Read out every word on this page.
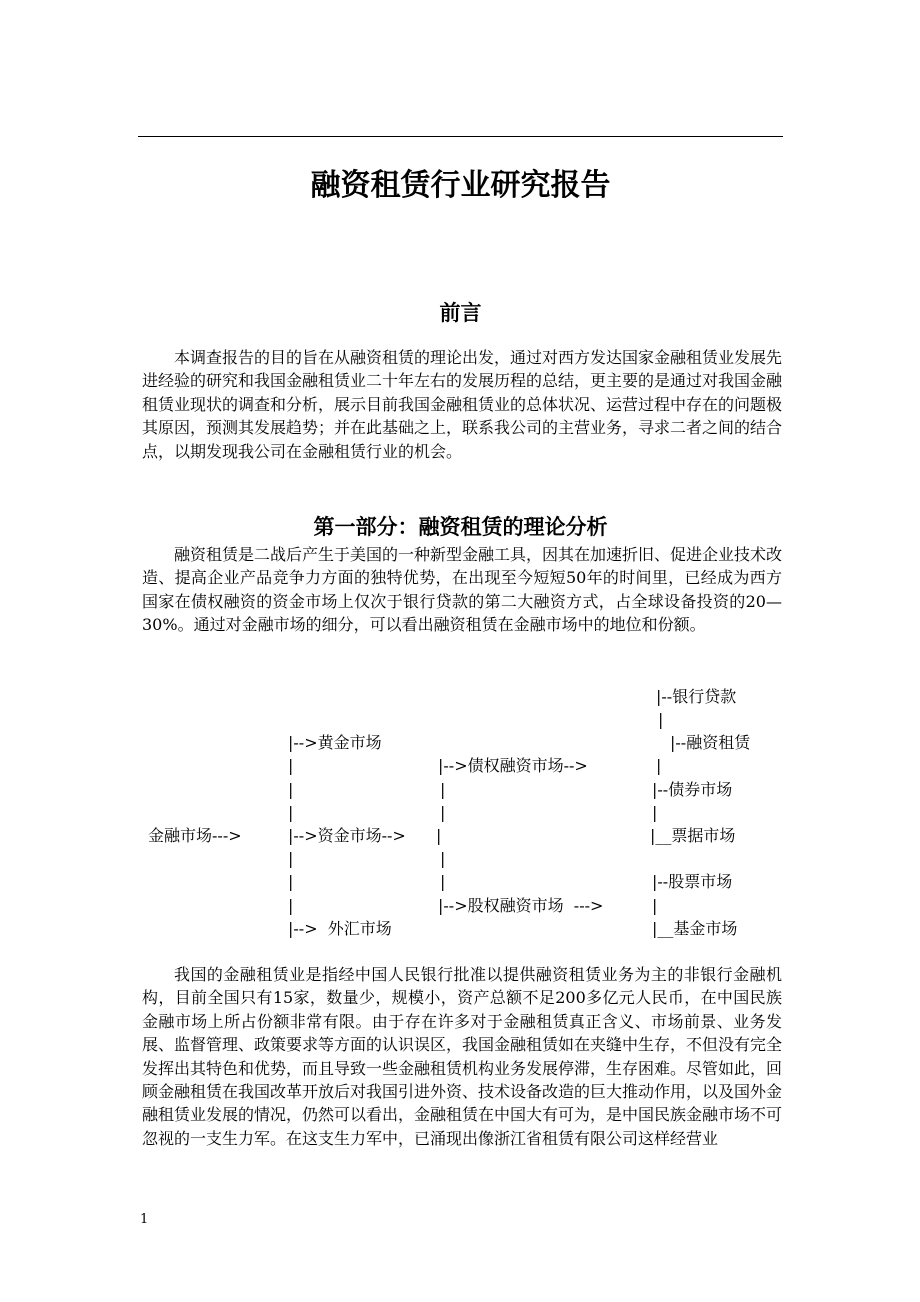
融资租赁行业研究报告
前言

本调查报告的目的旨在从融资租赁的理论出发，通过对西方发达国家金融租赁业发展先进经验的研究和我国金融租赁业二十年左右的发展历程的总结，更主要的是通过对我国金融租赁业现状的调查和分析，展示目前我国金融租赁业的总体状况、运营过程中存在的问题极其原因，预测其发展趋势；并在此基础之上，联系我公司的主营业务，寻求二者之间的结合点，以期发现我公司在金融租赁行业的机会。

第一部分：融资租赁的理论分析

融资租赁是二战后产生于美国的一种新型金融工具，因其在加速折旧、促进企业技术改造、提高企业产品竞争力方面的独特优势，在出现至今短短50年的时间里，已经成为西方国家在债权融资的资金市场上仅次于银行贷款的第二大融资方式，占全球设备投资的20—30%。通过对金融市场的细分，可以看出融资租赁在金融市场中的地位和份额。

金融市场--->
|-->黄金市场
|
|
|
|-->资金市场-->
|
|
|
|-->  外汇市场
|-->债权融资市场-->
|
|
|
|
|
|-->股权融资市场  --->
|--银行贷款
|
|--融资租赁
|
|--债券市场
|
|__票据市场
|--股票市场
|
|__基金市场

我国的金融租赁业是指经中国人民银行批准以提供融资租赁业务为主的非银行金融机构，目前全国只有15家，数量少，规模小，资产总额不足200多亿元人民币，在中国民族金融市场上所占份额非常有限。由于存在许多对于金融租赁真正含义、市场前景、业务发展、监督管理、政策要求等方面的认识误区，我国金融租赁如在夹缝中生存，不但没有完全发挥出其特色和优势，而且导致一些金融租赁机构业务发展停滞，生存困难。尽管如此，回顾金融租赁在我国改革开放后对我国引进外资、技术设备改造的巨大推动作用，以及国外金融租赁业发展的情况，仍然可以看出，金融租赁在中国大有可为，是中国民族金融市场不可忽视的一支生力军。在这支生力军中，已涌现出像浙江省租赁有限公司这样经营业

1
